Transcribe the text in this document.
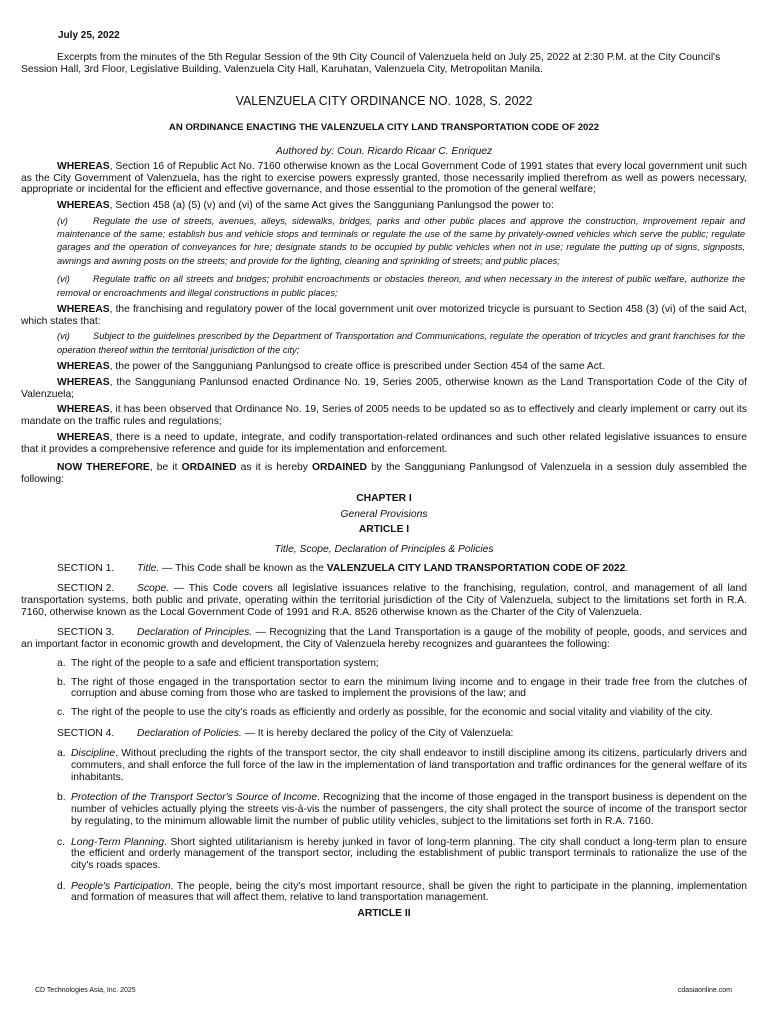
July 25, 2022

Excerpts from the minutes of the 5th Regular Session of the 9th City Council of Valenzuela held on July 25, 2022 at 2:30 P.M. at the City Council's Session Hall, 3rd Floor, Legislative Building, Valenzuela City Hall, Karuhatan, Valenzuela City, Metropolitan Manila.

VALENZUELA CITY ORDINANCE NO. 1028, S. 2022
AN ORDINANCE ENACTING THE VALENZUELA CITY LAND TRANSPORTATION CODE OF 2022
Authored by: Coun. Ricardo Ricaar C. Enriquez

WHEREAS, Section 16 of Republic Act No. 7160 otherwise known as the Local Government Code of 1991 states that every local government unit such as the City Government of Valenzuela, has the right to exercise powers expressly granted, those necessarily implied therefrom as well as powers necessary, appropriate or incidental for the efficient and effective governance, and those essential to the promotion of the general welfare;

WHEREAS, Section 458 (a) (5) (v) and (vi) of the same Act gives the Sangguniang Panlungsod the power to:

(v)	Regulate the use of streets, avenues, alleys, sidewalks, bridges, parks and other public places and approve the construction, improvement repair and maintenance of the same; establish bus and vehicle stops and terminals or regulate the use of the same by privately-owned vehicles which serve the public; regulate garages and the operation of conveyances for hire; designate stands to be occupied by public vehicles when not in use; regulate the putting up of signs, signposts, awnings and awning posts on the streets; and provide for the lighting, cleaning and sprinkling of streets; and public places;

(vi) Regulate traffic on all streets and bridges; prohibit encroachments or obstacles thereon, and when necessary in the interest of public welfare, authorize the removal or encroachments and illegal constructions in public places;

WHEREAS, the franchising and regulatory power of the local government unit over motorized tricycle is pursuant to Section 458 (3) (vi) of the said Act, which states that:

(vi) Subject to the guidelines prescribed by the Department of Transportation and Communications, regulate the operation of tricycles and grant franchises for the operation thereof within the territorial jurisdiction of the city;

WHEREAS, the power of the Sangguniang Panlungsod to create office is prescribed under Section 454 of the same Act.

WHEREAS, the Sangguniang Panlunsod enacted Ordinance No. 19, Series 2005, otherwise known as the Land Transportation Code of the City of Valenzuela;

WHEREAS, it has been observed that Ordinance No. 19, Series of 2005 needs to be updated so as to effectively and clearly implement or carry out its mandate on the traffic rules and regulations;

WHEREAS, there is a need to update, integrate, and codify transportation-related ordinances and such other related legislative issuances to ensure that it provides a comprehensive reference and guide for its implementation and enforcement.

NOW THEREFORE, be it ORDAINED as it is hereby ORDAINED by the Sangguniang Panlungsod of Valenzuela in a session duly assembled the following:

CHAPTER I
General Provisions
ARTICLE I
Title, Scope, Declaration of Principles & Policies

SECTION 1. Title. — This Code shall be known as the VALENZUELA CITY LAND TRANSPORTATION CODE OF 2022.

SECTION 2. Scope. — This Code covers all legislative issuances relative to the franchising, regulation, control, and management of all land transportation systems, both public and private, operating within the territorial jurisdiction of the City of Valenzuela, subject to the limitations set forth in R.A. 7160, otherwise known as the Local Government Code of 1991 and R.A. 8526 otherwise known as the Charter of the City of Valenzuela.

SECTION 3. Declaration of Principles. — Recognizing that the Land Transportation is a gauge of the mobility of people, goods, and services and an important factor in economic growth and development, the City of Valenzuela hereby recognizes and guarantees the following:

a. The right of the people to a safe and efficient transportation system;
b. The right of those engaged in the transportation sector to earn the minimum living income and to engage in their trade free from the clutches of corruption and abuse coming from those who are tasked to implement the provisions of the law; and
c. The right of the people to use the city's roads as efficiently and orderly as possible, for the economic and social vitality and viability of the city.

SECTION 4. Declaration of Policies. — It is hereby declared the policy of the City of Valenzuela:

a. Discipline. Without precluding the rights of the transport sector, the city shall endeavor to instill discipline among its citizens, particularly drivers and commuters, and shall enforce the full force of the law in the implementation of land transportation and traffic ordinances for the general welfare of its inhabitants.
b. Protection of the Transport Sector's Source of Income. Recognizing that the income of those engaged in the transport business is dependent on the number of vehicles actually plying the streets vis-à-vis the number of passengers, the city shall protect the source of income of the transport sector by regulating, to the minimum allowable limit the number of public utility vehicles, subject to the limitations set forth in R.A. 7160.
c. Long-Term Planning. Short sighted utilitarianism is hereby junked in favor of long-term planning. The city shall conduct a long-term plan to ensure the efficient and orderly management of the transport sector, including the establishment of public transport terminals to rationalize the use of the city's roads spaces.
d. People's Participation. The people, being the city's most important resource, shall be given the right to participate in the planning, implementation and formation of measures that will affect them, relative to land transportation management.
ARTICLE II
CD Technologies Asia, Inc. 2025	cdasiaonline.com
